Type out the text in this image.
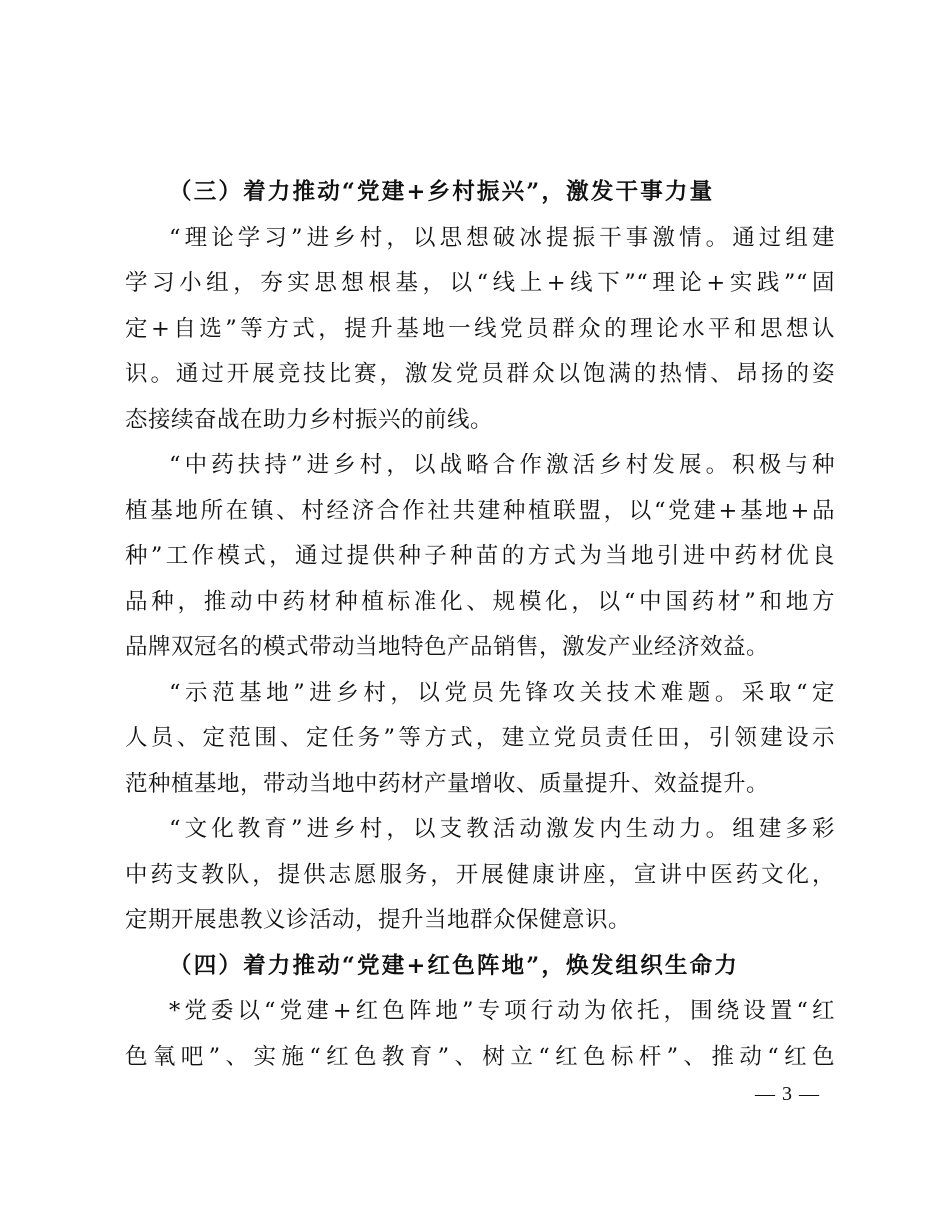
（三）着力推动“党建+乡村振兴”，激发干事力量
“理论学习”进乡村，以思想破冰提振干事激情。通过组建
学习小组，夯实思想根基，以“线上+线下”“理论+实践”“固
定+自选”等方式，提升基地一线党员群众的理论水平和思想认
识。通过开展竞技比赛，激发党员群众以饱满的热情、昂扬的姿
态接续奋战在助力乡村振兴的前线。
“中药扶持”进乡村，以战略合作激活乡村发展。积极与种
植基地所在镇、村经济合作社共建种植联盟，以“党建+基地+品
种”工作模式，通过提供种子种苗的方式为当地引进中药材优良
品种，推动中药材种植标准化、规模化，以“中国药材”和地方
品牌双冠名的模式带动当地特色产品销售，激发产业经济效益。
“示范基地”进乡村，以党员先锋攻关技术难题。采取“定
人员、定范围、定任务”等方式，建立党员责任田，引领建设示
范种植基地，带动当地中药材产量增收、质量提升、效益提升。
“文化教育”进乡村，以支教活动激发内生动力。组建多彩
中药支教队，提供志愿服务，开展健康讲座，宣讲中医药文化，
定期开展患教义诊活动，提升当地群众保健意识。
（四）着力推动“党建+红色阵地”，焕发组织生命力
*党委以“党建+红色阵地”专项行动为依托，围绕设置“红
色氧吧”、实施“红色教育”、树立“红色标杆”、推动“红色
— 3 —
